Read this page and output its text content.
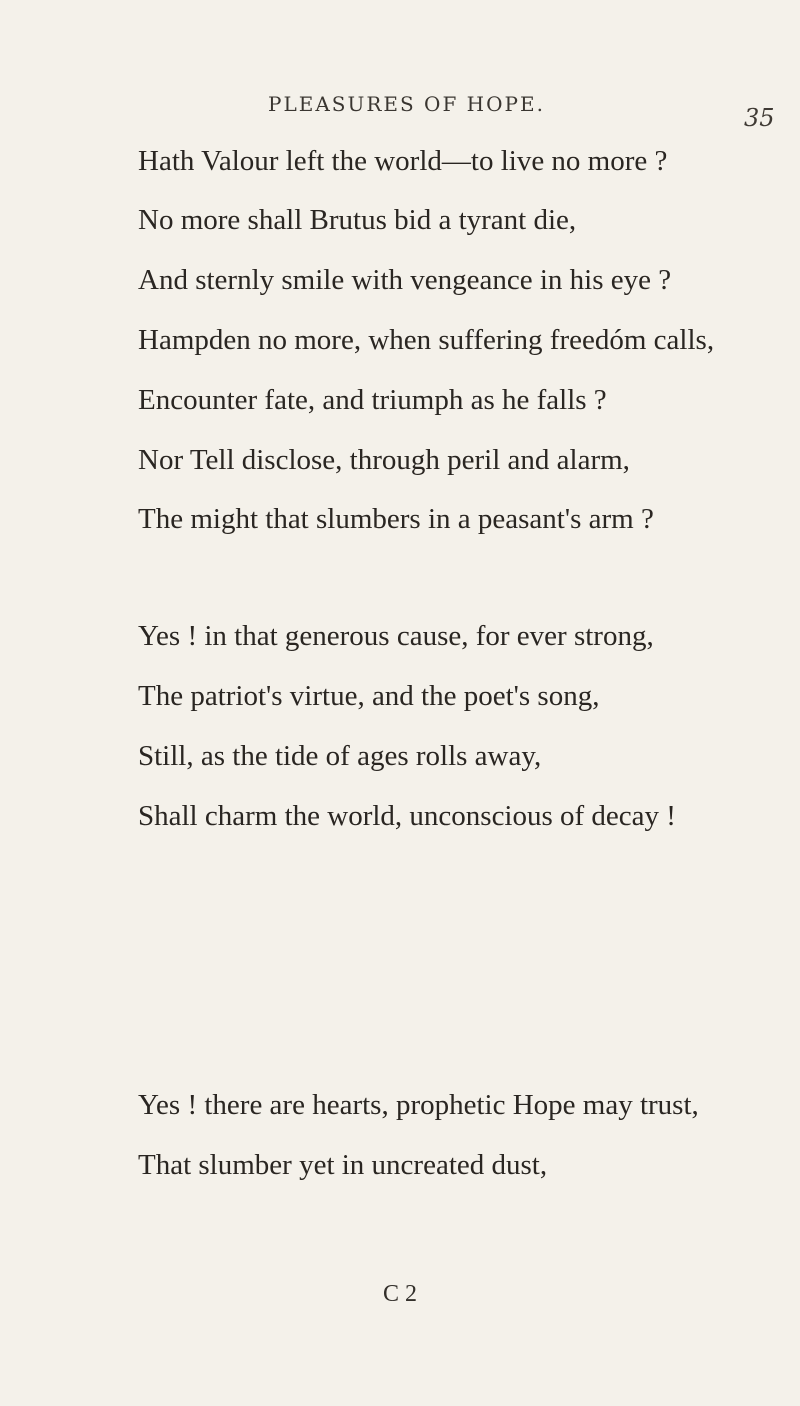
PLEASURES OF HOPE.	35
Hath Valour left the world—to live no more ?
No more shall Brutus bid a tyrant die,
And sternly smile with vengeance in his eye ?
Hampden no more, when suffering freedóm calls,
Encounter fate, and triumph as he falls ?
Nor Tell disclose, through peril and alarm,
The might that slumbers in a peasant's arm ?
Yes ! in that generous cause, for ever strong,
The patriot's virtue, and the poet's song,
Still, as the tide of ages rolls away,
Shall charm the world, unconscious of decay !
Yes ! there are hearts, prophetic Hope may trust,
That slumber yet in uncreated dust,
C 2
